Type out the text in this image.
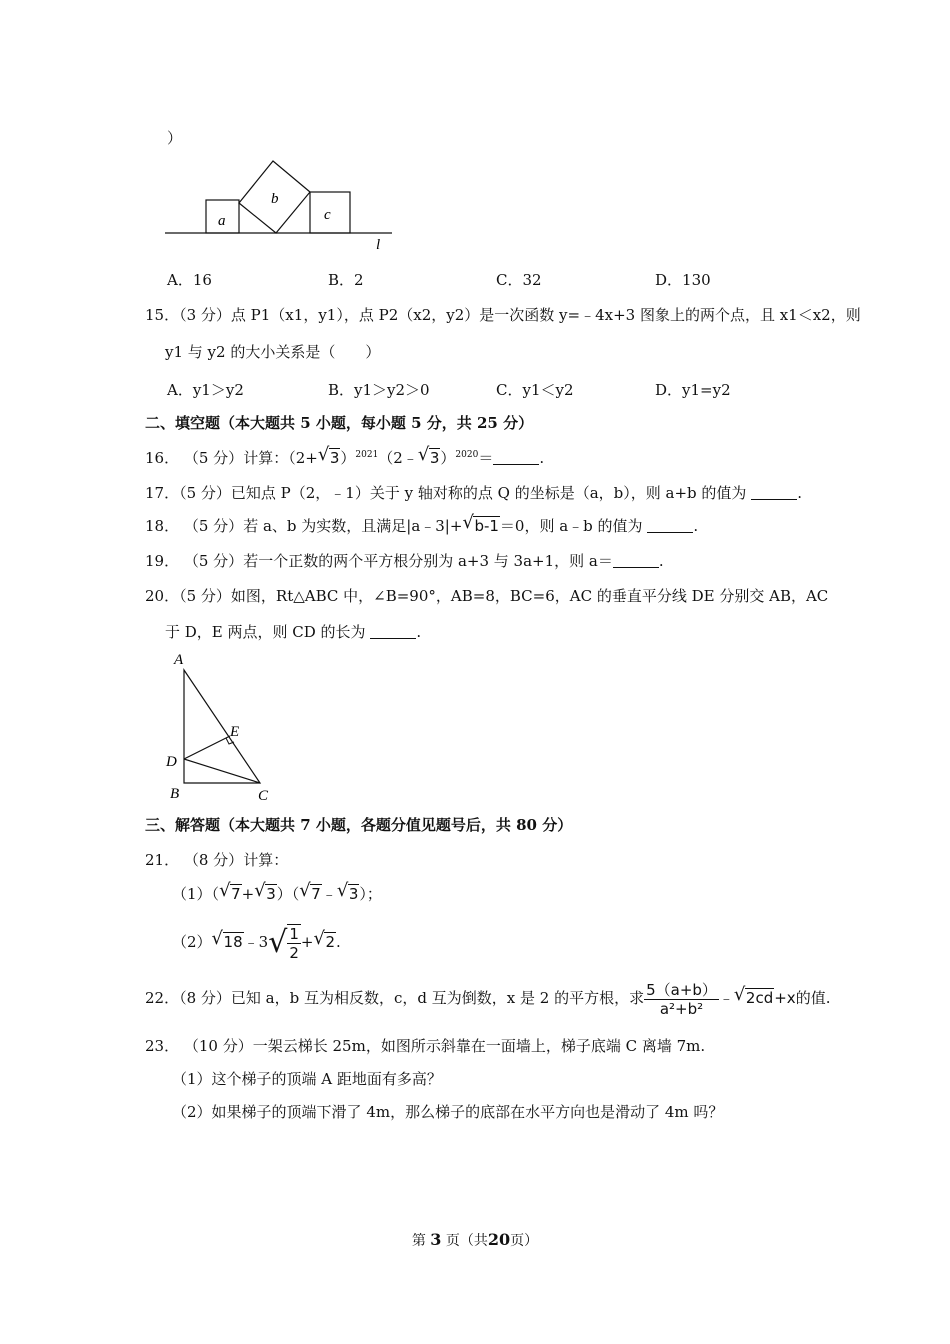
）
a
b
c
l
A．16	B．2	C．32	D．130
15．（3 分）点 P1（x1，y1），点 P2（x2，y2）是一次函数 y=﹣4x+3 图象上的两个点，且 x1＜x2，则
y1 与 y2 的大小关系是（　　）
A．y1＞y2	B．y1＞y2＞0	C．y1＜y2	D．y1=y2
二、填空题（本大题共 5 小题，每小题 5 分，共 25 分）
16． （5 分）计算：（2+ √ 3）$^{2021}$（2﹣ √ 3）$^{2020}$＝	.
17．（5 分）已知点 P（2，﹣1）关于 y 轴对称的点 Q 的坐标是（a，b），则 a+b 的值为	.
18． （5 分）若 a、b 为实数，且满足|a﹣3|+ √ b-1＝0，则 a﹣b 的值为	.
19． （5 分）若一个正数的两个平方根分别为 a+3 与 3a+1，则 a＝	.
20．（5 分）如图，Rt△ABC 中，∠B=90°，AB=8，BC=6，AC 的垂直平分线 DE 分别交 AB，AC
于 D，E 两点，则 CD 的长为	.
A
B	C
D
E
三、解答题（本大题共 7 小题，各题分值见题号后，共 80 分）
21． （8 分）计算：
（1）（ √ 7+ √ 3）（ √ 7﹣ √ 3）；
（2） √ 18﹣3√ $\frac{1}{2}$ + √ 2.
22．（8 分）已知 a，b 互为相反数，c，d 互为倒数，x 是 2 的平方根，求 $\frac{5(a+b)}{\text{a²+b²}}$ ﹣ √ 2cd+x的值.
23． （10 分）一架云梯长 25m，如图所示斜靠在一面墙上，梯子底端 C 离墙 7m.
（1）这个梯子的顶端 A 距地面有多高？
（2）如果梯子的顶端下滑了 4m，那么梯子的底部在水平方向也是滑动了 4m 吗？
第 3 页（共20页）
